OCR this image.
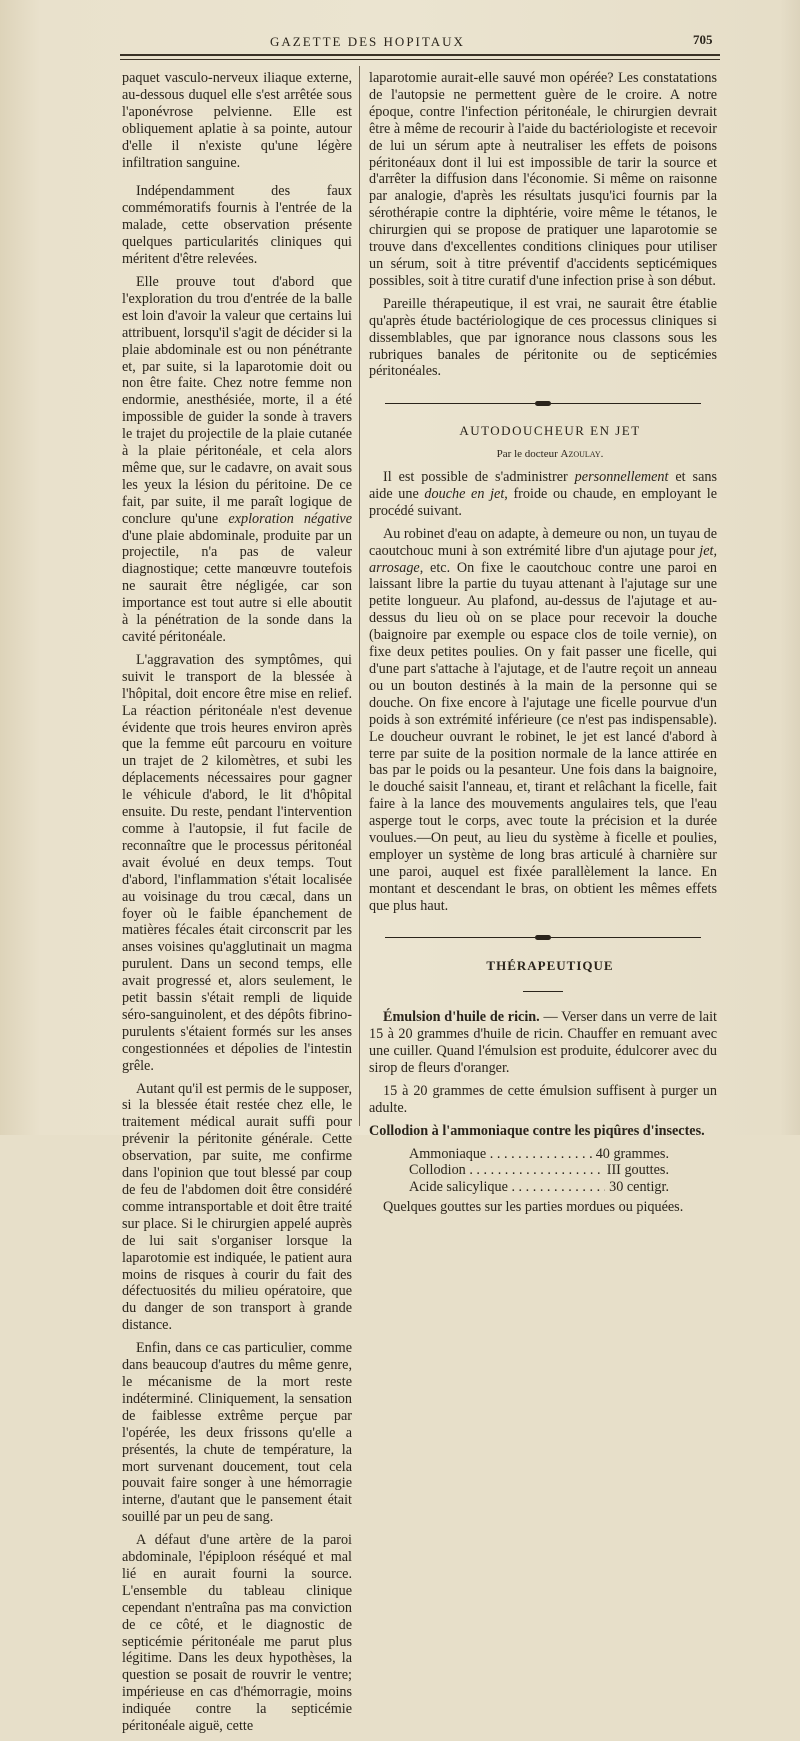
GAZETTE DES HOPITAUX	705

paquet vasculo-nerveux iliaque externe, au-dessous duquel elle s'est arrêtée sous l'aponévrose pelvienne. Elle est obliquement aplatie à sa pointe, autour d'elle il n'existe qu'une légère infiltration sanguine.

Indépendamment des faux commémoratifs fournis à l'entrée de la malade, cette observation présente quelques particularités cliniques qui méritent d'être relevées.

Elle prouve tout d'abord que l'exploration du trou d'entrée de la balle est loin d'avoir la valeur que certains lui attribuent, lorsqu'il s'agit de décider si la plaie abdominale est ou non pénétrante et, par suite, si la laparotomie doit ou non être faite. Chez notre femme non endormie, anesthésiée, morte, il a été impossible de guider la sonde à travers le trajet du projectile de la plaie cutanée à la plaie péritonéale, et cela alors même que, sur le cadavre, on avait sous les yeux la lésion du péritoine. De ce fait, par suite, il me paraît logique de conclure qu'une exploration négative d'une plaie abdominale, produite par un projectile, n'a pas de valeur diagnostique; cette manœuvre toutefois ne saurait être négligée, car son importance est tout autre si elle aboutit à la pénétration de la sonde dans la cavité péritonéale.

L'aggravation des symptômes, qui suivit le transport de la blessée à l'hôpital, doit encore être mise en relief. La réaction péritonéale n'est devenue évidente que trois heures environ après que la femme eût parcouru en voiture un trajet de 2 kilomètres, et subi les déplacements nécessaires pour gagner le véhicule d'abord, le lit d'hôpital ensuite. Du reste, pendant l'intervention comme à l'autopsie, il fut facile de reconnaître que le processus péritonéal avait évolué en deux temps. Tout d'abord, l'inflammation s'était localisée au voisinage du trou cæcal, dans un foyer où le faible épanchement de matières fécales était circonscrit par les anses voisines qu'agglutinait un magma purulent. Dans un second temps, elle avait progressé et, alors seulement, le petit bassin s'était rempli de liquide séro-sanguinolent, et des dépôts fibrino-purulents s'étaient formés sur les anses congestionnées et dépolies de l'intestin grêle.

Autant qu'il est permis de le supposer, si la blessée était restée chez elle, le traitement médical aurait suffi pour prévenir la péritonite générale. Cette observation, par suite, me confirme dans l'opinion que tout blessé par coup de feu de l'abdomen doit être considéré comme intransportable et doit être traité sur place. Si le chirurgien appelé auprès de lui sait s'organiser lorsque la laparotomie est indiquée, le patient aura moins de risques à courir du fait des défectuosités du milieu opératoire, que du danger de son transport à grande distance.

Enfin, dans ce cas particulier, comme dans beaucoup d'autres du même genre, le mécanisme de la mort reste indéterminé. Cliniquement, la sensation de faiblesse extrême perçue par l'opérée, les deux frissons qu'elle a présentés, la chute de température, la mort survenant doucement, tout cela pouvait faire songer à une hémorragie interne, d'autant que le pansement était souillé par un peu de sang.

A défaut d'une artère de la paroi abdominale, l'épiploon réséqué et mal lié en aurait fourni la source. L'ensemble du tableau clinique cependant n'entraîna pas ma conviction de ce côté, et le diagnostic de septicémie péritonéale me parut plus légitime. Dans les deux hypothèses, la question se posait de rouvrir le ventre; impérieuse en cas d'hémorragie, moins indiquée contre la septicémie péritonéale aiguë, cette

laparotomie aurait-elle sauvé mon opérée? Les constatations de l'autopsie ne permettent guère de le croire. A notre époque, contre l'infection péritonéale, le chirurgien devrait être à même de recourir à l'aide du bactériologiste et recevoir de lui un sérum apte à neutraliser les effets de poisons péritonéaux dont il lui est impossible de tarir la source et d'arrêter la diffusion dans l'économie. Si même on raisonne par analogie, d'après les résultats jusqu'ici fournis par la sérothérapie contre la diphtérie, voire même le tétanos, le chirurgien qui se propose de pratiquer une laparotomie se trouve dans d'excellentes conditions cliniques pour utiliser un sérum, soit à titre préventif d'accidents septicémiques possibles, soit à titre curatif d'une infection prise à son début.

Pareille thérapeutique, il est vrai, ne saurait être établie qu'après étude bactériologique de ces processus cliniques si dissemblables, que par ignorance nous classons sous les rubriques banales de péritonite ou de septicémies péritonéales.

AUTODOUCHEUR EN JET

Par le docteur Azoulay.

Il est possible de s'administrer personnellement et sans aide une douche en jet, froide ou chaude, en employant le procédé suivant.

Au robinet d'eau on adapte, à demeure ou non, un tuyau de caoutchouc muni à son extrémité libre d'un ajutage pour jet, arrosage, etc. On fixe le caoutchouc contre une paroi en laissant libre la partie du tuyau attenant à l'ajutage sur une petite longueur. Au plafond, au-dessus de l'ajutage et au-dessus du lieu où on se place pour recevoir la douche (baignoire par exemple ou espace clos de toile vernie), on fixe deux petites poulies. On y fait passer une ficelle, qui d'une part s'attache à l'ajutage, et de l'autre reçoit un anneau ou un bouton destinés à la main de la personne qui se douche. On fixe encore à l'ajutage une ficelle pourvue d'un poids à son extrémité inférieure (ce n'est pas indispensable). Le doucheur ouvrant le robinet, le jet est lancé d'abord à terre par suite de la position normale de la lance attirée en bas par le poids ou la pesanteur. Une fois dans la baignoire, le douché saisit l'anneau, et, tirant et relâchant la ficelle, fait faire à la lance des mouvements angulaires tels, que l'eau asperge tout le corps, avec toute la précision et la durée voulues.—On peut, au lieu du système à ficelle et poulies, employer un système de long bras articulé à charnière sur une paroi, auquel est fixée parallèlement la lance. En montant et descendant le bras, on obtient les mêmes effets que plus haut.

THÉRAPEUTIQUE

Émulsion d'huile de ricin. — Verser dans un verre de lait 15 à 20 grammes d'huile de ricin. Chauffer en remuant avec une cuiller. Quand l'émulsion est produite, édulcorer avec du sirop de fleurs d'oranger.

15 à 20 grammes de cette émulsion suffisent à purger un adulte.

Collodion à l'ammoniaque contre les piqûres d'insectes.

Ammoniaque . . .	40 grammes.
Collodion . . .	III gouttes.
Acide salicylique . . .	30 centigr.

Quelques gouttes sur les parties mordues ou piquées.
